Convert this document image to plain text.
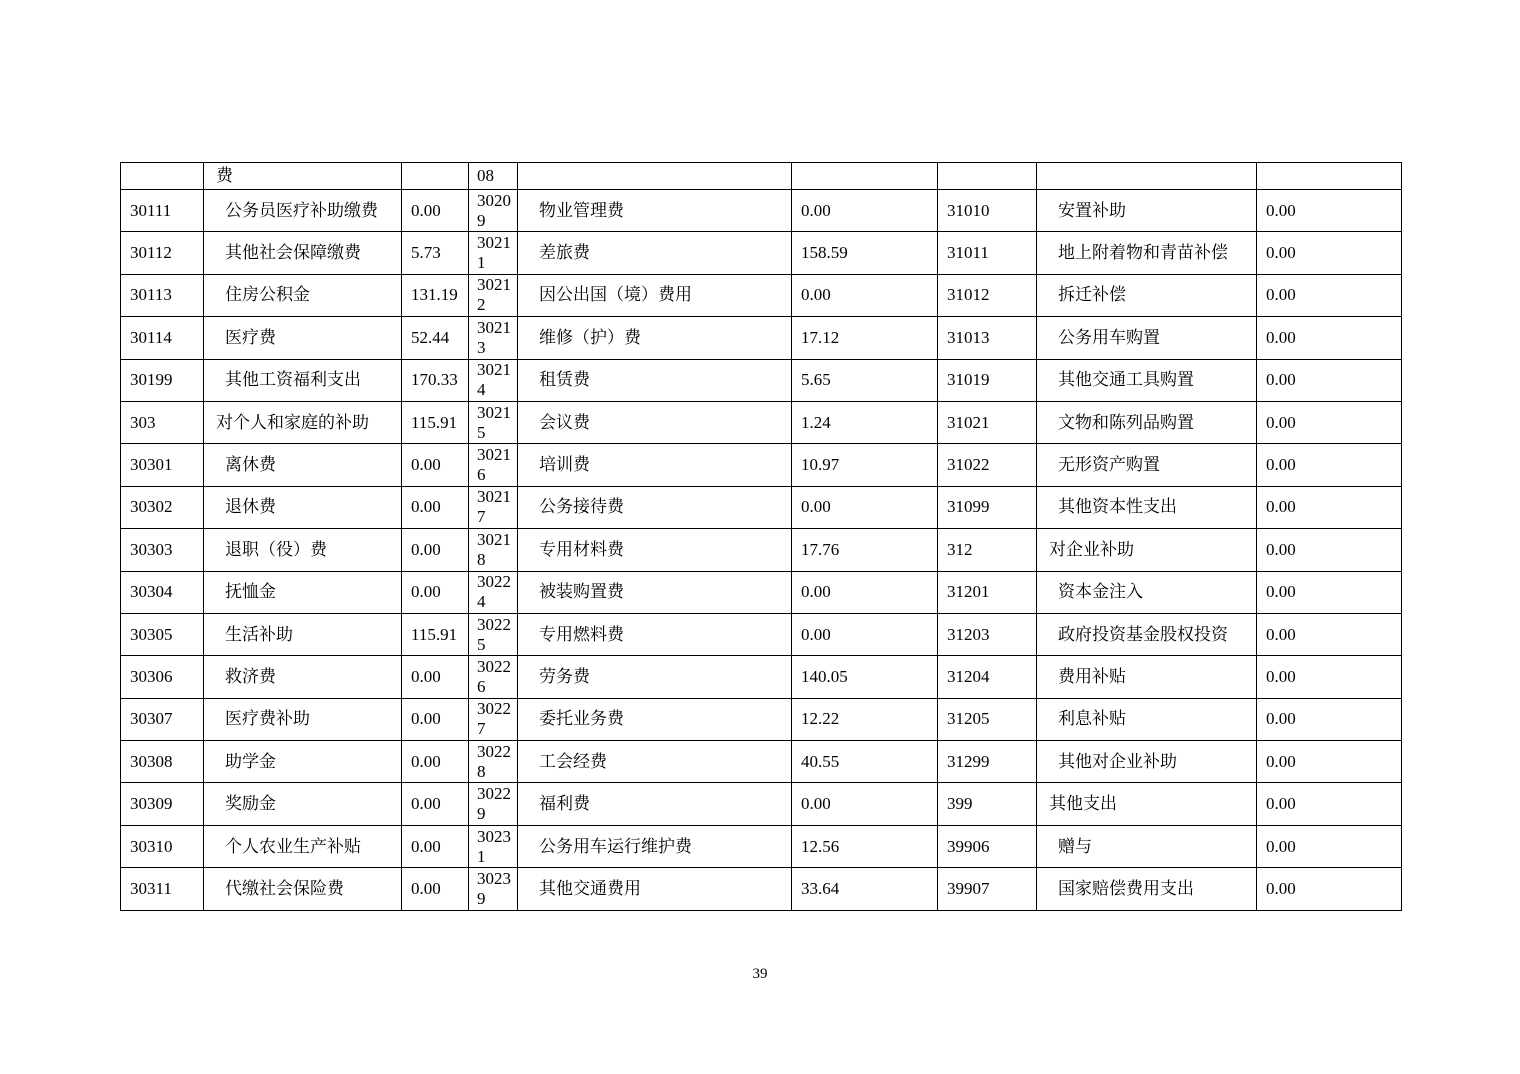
	费		08					
30111	公务员医疗补助缴费	0.00	30209	物业管理费	0.00	31010	安置补助	0.00
30112	其他社会保障缴费	5.73	30211	差旅费	158.59	31011	地上附着物和青苗补偿	0.00
30113	住房公积金	131.19	30212	因公出国（境）费用	0.00	31012	拆迁补偿	0.00
30114	医疗费	52.44	30213	维修（护）费	17.12	31013	公务用车购置	0.00
30199	其他工资福利支出	170.33	30214	租赁费	5.65	31019	其他交通工具购置	0.00
303	对个人和家庭的补助	115.91	30215	会议费	1.24	31021	文物和陈列品购置	0.00
30301	离休费	0.00	30216	培训费	10.97	31022	无形资产购置	0.00
30302	退休费	0.00	30217	公务接待费	0.00	31099	其他资本性支出	0.00
30303	退职（役）费	0.00	30218	专用材料费	17.76	312	对企业补助	0.00
30304	抚恤金	0.00	30224	被装购置费	0.00	31201	资本金注入	0.00
30305	生活补助	115.91	30225	专用燃料费	0.00	31203	政府投资基金股权投资	0.00
30306	救济费	0.00	30226	劳务费	140.05	31204	费用补贴	0.00
30307	医疗费补助	0.00	30227	委托业务费	12.22	31205	利息补贴	0.00
30308	助学金	0.00	30228	工会经费	40.55	31299	其他对企业补助	0.00
30309	奖励金	0.00	30229	福利费	0.00	399	其他支出	0.00
30310	个人农业生产补贴	0.00	30231	公务用车运行维护费	12.56	39906	赠与	0.00
30311	代缴社会保险费	0.00	30239	其他交通费用	33.64	39907	国家赔偿费用支出	0.00
39
